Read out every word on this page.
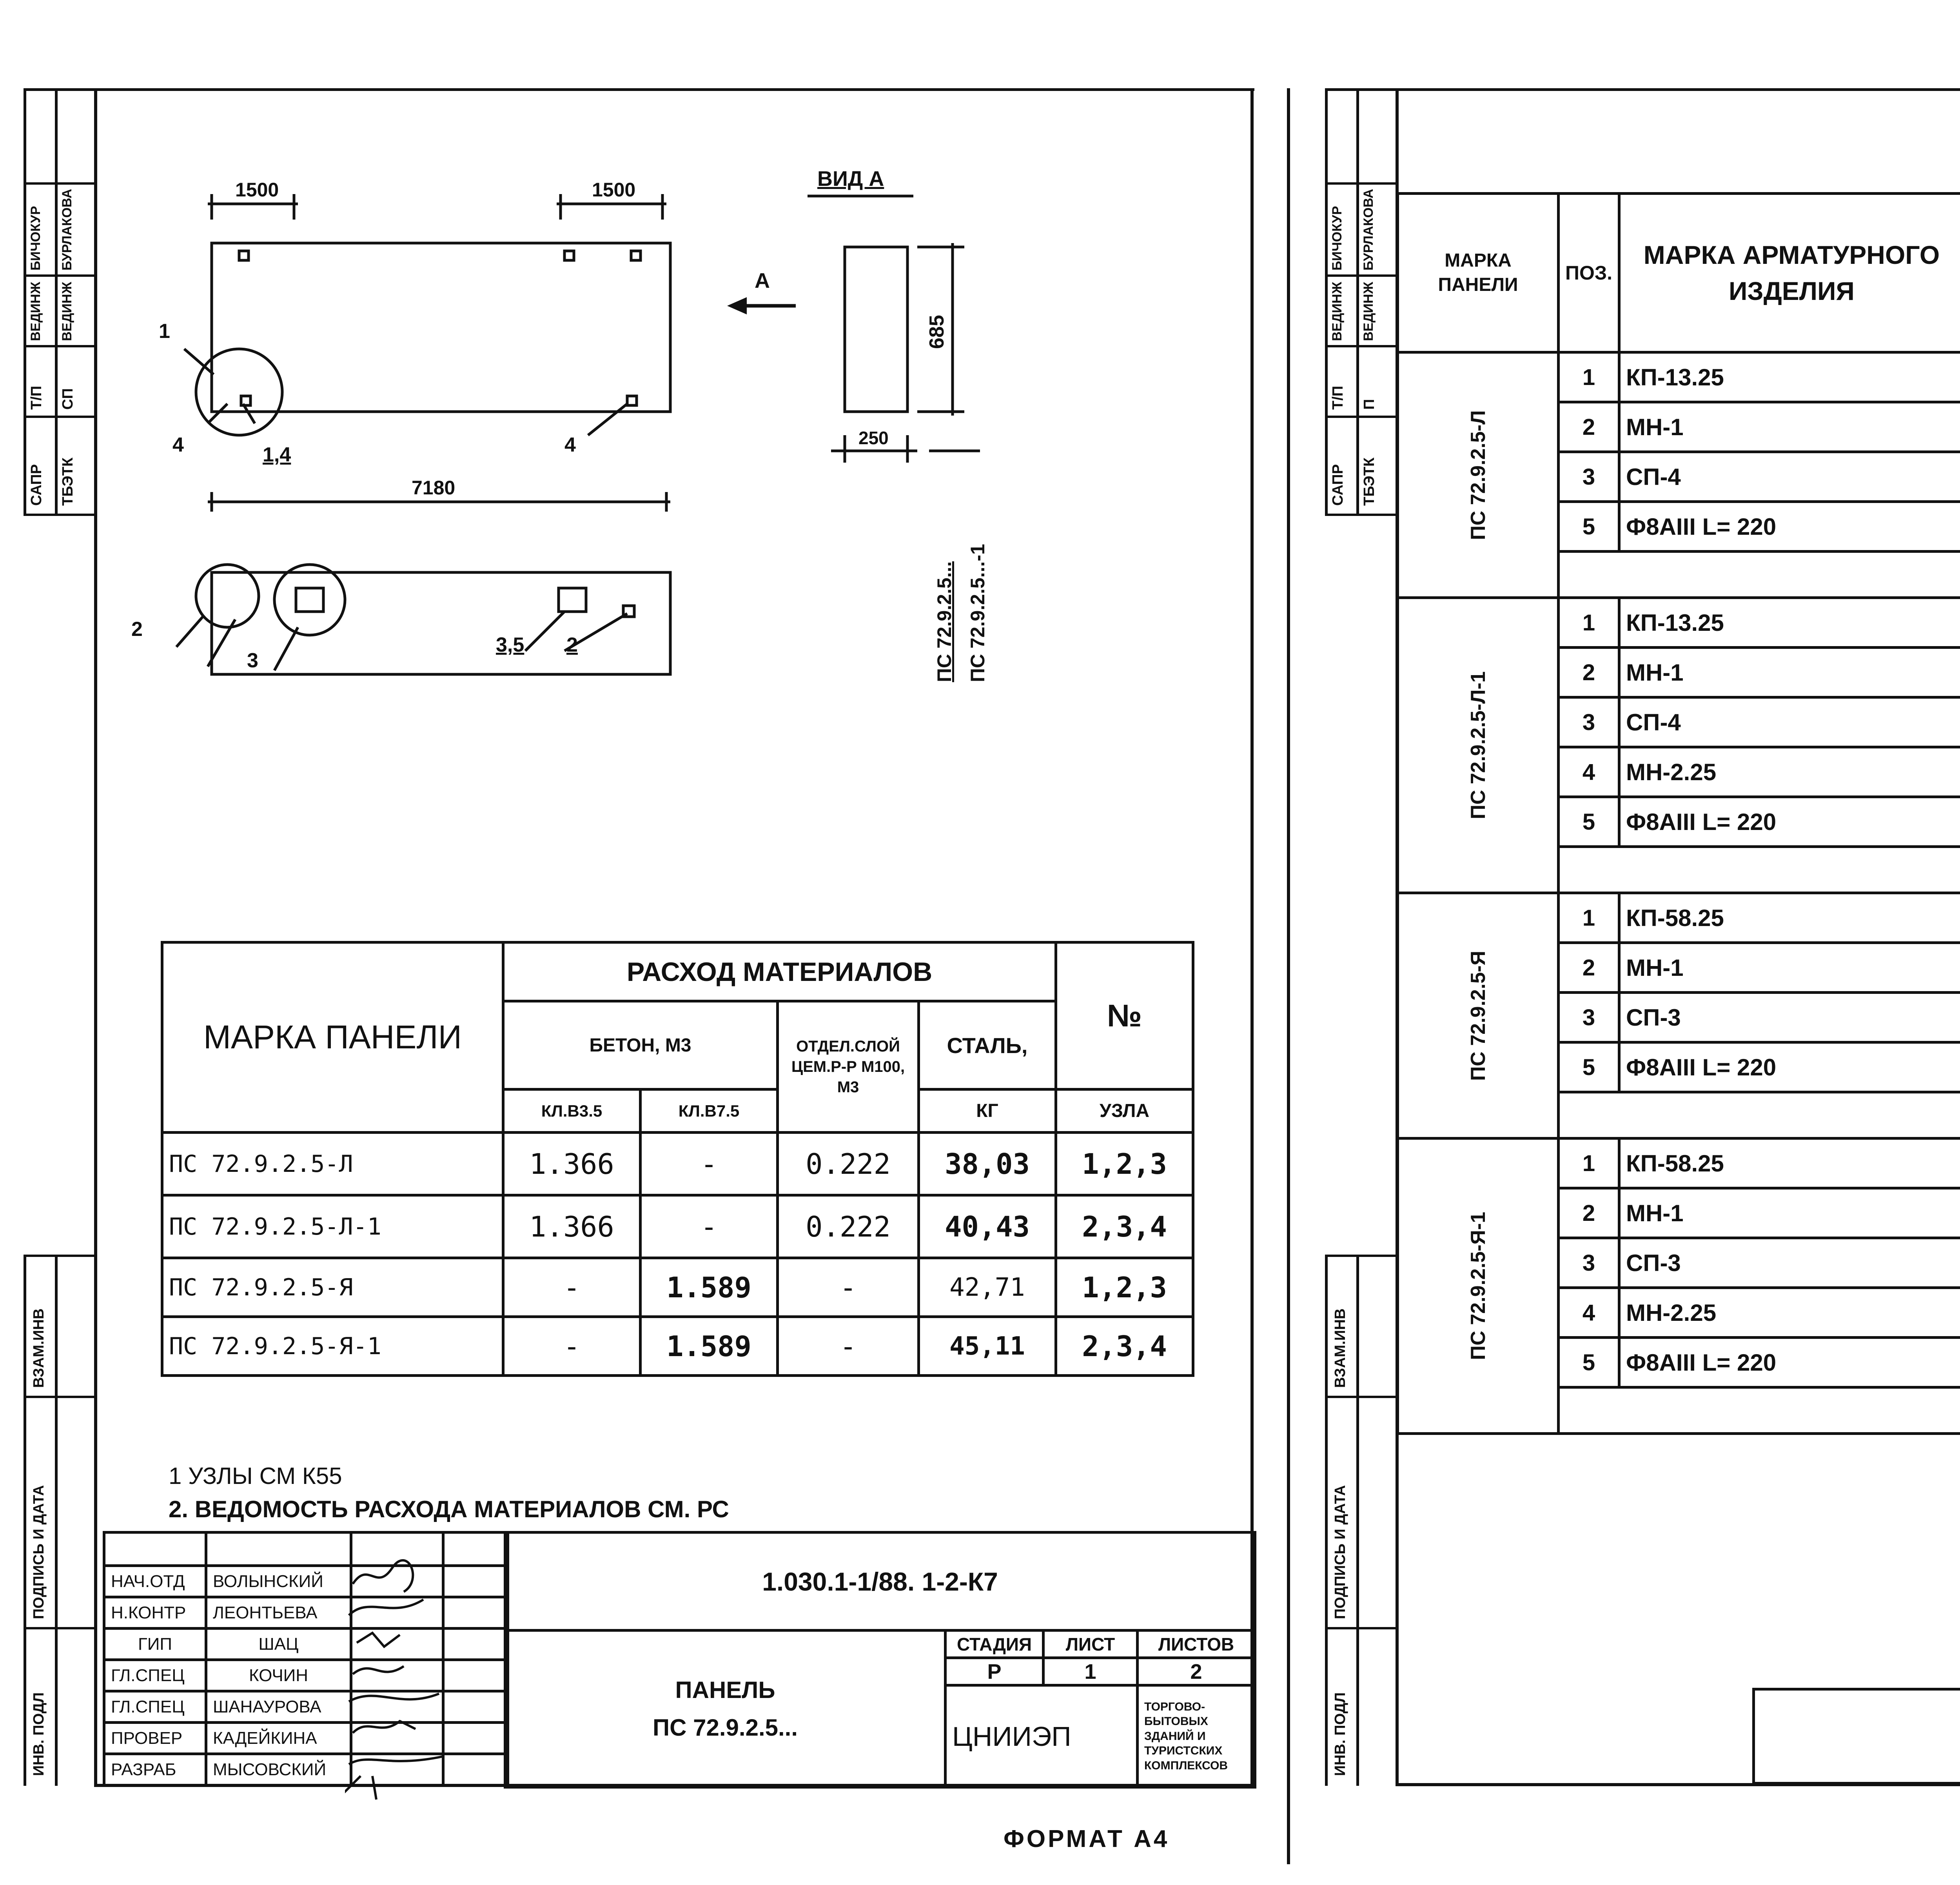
САПР ТБЭТК
Т/П СП
ВЕДИНЖ ВЕДИНЖ
БИЧОКУР БУРЛАКОВА
ВЗАМ.ИНВ
ПОДПИСЬ И ДАТА
ИНВ. ПОДЛ
1500	1500
7180
ВИД А
А
685
250
1
4	1,4	4
2
3
3,5 2	ПС 72.9.2.5... ПС 72.9.2.5...-1
МАРКА ПАНЕЛИ	РАСХОД МАТЕРИАЛОВ				№
	БЕТОН, М3		ОТДЕЛ.СЛОЙ ЦЕМ.Р-Р М100, М3	СТАЛЬ,	
	КЛ.В3.5	КЛ.В7.5		КГ	УЗЛА
ПС 72.9.2.5-Л	1.366	-	0.222	38,03	1,2,3
ПС 72.9.2.5-Л-1	1.366	-	0.222	40,43	2,3,4
ПС 72.9.2.5-Я	-	1.589	-	42,71	1,2,3
ПС 72.9.2.5-Я-1	-	1.589	-	45,11	2,3,4
1 УЗЛЫ СМ К55
2. ВЕДОМОСТЬ РАСХОДА МАТЕРИАЛОВ СМ. РС

НАЧ.ОТД	ВОЛЫНСКИЙ		
Н.КОНТР	ЛЕОНТЬЕВА		
ГИП	ШАЦ		
ГЛ.СПЕЦ	КОЧИН		
ГЛ.СПЕЦ	ШАНАУРОВА		
ПРОВЕР	КАДЕЙКИНА		
РАЗРАБ	МЫСОВСКИЙ		
1.030.1-1/88. 1-2-К7			

ПАНЕЛЬ
ПС 72.9.2.5...	СТАДИЯ	ЛИСТ	ЛИСТОВ
	Р	1	2
	ЦНИИЭП		ТОРГОВО-БЫТОВЫХ ЗДАНИЙ И ТУРИСТСКИХ КОМПЛЕКСОВ
ФОРМАТ А4
САПР ТБЭТК
Т/П П
ВЕДИНЖ ВЕДИНЖ
БИЧОКУР БУРЛАКОВА
ВЗАМ.ИНВ
ПОДПИСЬ И ДАТА
ИНВ. ПОДЛ
МАРКА ПАНЕЛИ	ПОЗ.	МАРКА АРМАТУРНОГО ИЗДЕЛИЯ			

ПС 72.9.2.5-Л	1	КП-13.25				
	2	МН-1				
	3	СП-4				
	5	Ф8АIII L= 220				

ПС 72.9.2.5-Л-1	1	КП-13.25				
	2	МН-1				
	3	СП-4				
	4	МН-2.25				
	5	Ф8АIII L= 220				

ПС 72.9.2.5-Я	1	КП-58.25				
	2	МН-1				
	3	СП-3				
	5	Ф8АIII L= 220				

ПС 72.9.2.5-Я-1	1	КП-58.25				
	2	МН-1				
	3	СП-3				
	4	МН-2.25				
	5	Ф8АIII L= 220				
